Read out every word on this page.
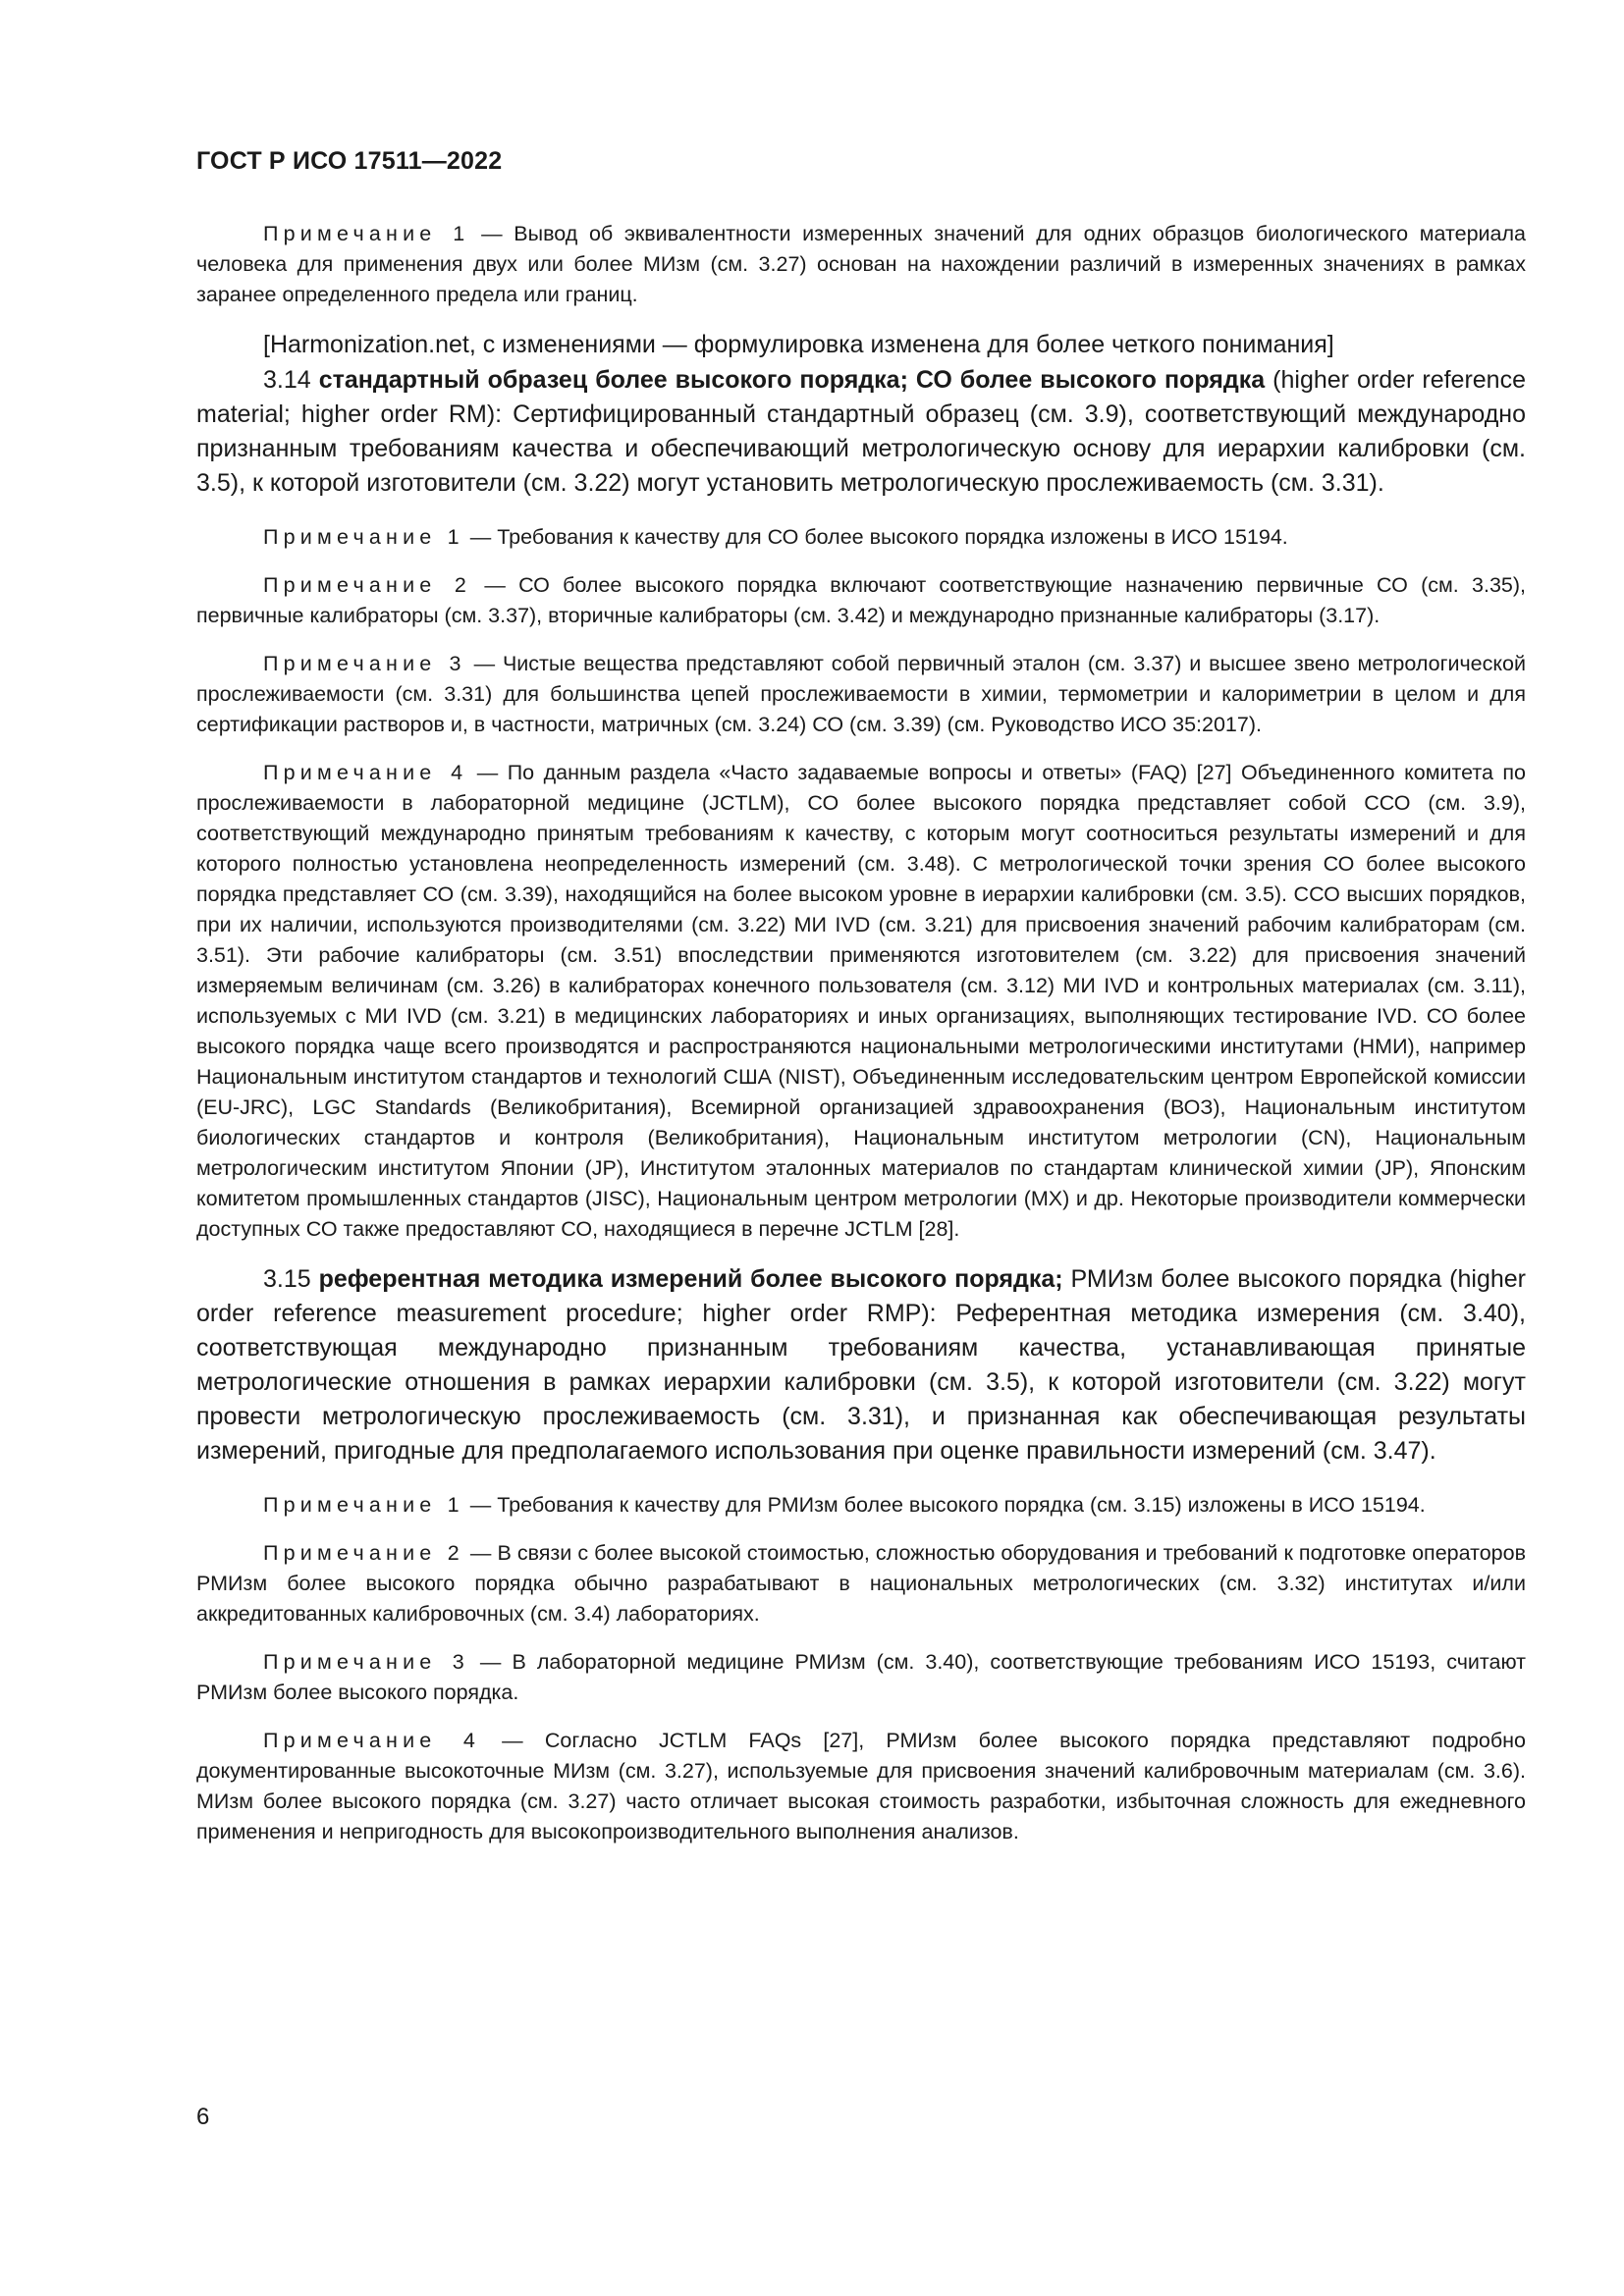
ГОСТ Р ИСО 17511—2022

Примечание 1 — Вывод об эквивалентности измеренных значений для одних образцов биологического материала человека для применения двух или более МИзм (см. 3.27) основан на нахождении различий в измеренных значениях в рамках заранее определенного предела или границ.

[Harmonization.net, с изменениями — формулировка изменена для более четкого понимания]

3.14 стандартный образец более высокого порядка; СО более высокого порядка (higher order reference material; higher order RM): Сертифицированный стандартный образец (см. 3.9), соответствующий международно признанным требованиям качества и обеспечивающий метрологическую основу для иерархии калибровки (см. 3.5), к которой изготовители (см. 3.22) могут установить метрологическую прослеживаемость (см. 3.31).

Примечание 1 — Требования к качеству для СО более высокого порядка изложены в ИСО 15194.

Примечание 2 — СО более высокого порядка включают соответствующие назначению первичные СО (см. 3.35), первичные калибраторы (см. 3.37), вторичные калибраторы (см. 3.42) и международно признанные калибраторы (3.17).

Примечание 3 — Чистые вещества представляют собой первичный эталон (см. 3.37) и высшее звено метрологической прослеживаемости (см. 3.31) для большинства цепей прослеживаемости в химии, термометрии и калориметрии в целом и для сертификации растворов и, в частности, матричных (см. 3.24) СО (см. 3.39) (см. Руководство ИСО 35:2017).

Примечание 4 — По данным раздела «Часто задаваемые вопросы и ответы» (FAQ) [27] Объединенного комитета по прослеживаемости в лабораторной медицине (JCTLM), СО более высокого порядка представляет собой ССО (см. 3.9), соответствующий международно принятым требованиям к качеству, с которым могут соотноситься результаты измерений и для которого полностью установлена неопределенность измерений (см. 3.48). С метрологической точки зрения СО более высокого порядка представляет СО (см. 3.39), находящийся на более высоком уровне в иерархии калибровки (см. 3.5). ССО высших порядков, при их наличии, используются производителями (см. 3.22) МИ IVD (см. 3.21) для присвоения значений рабочим калибраторам (см. 3.51). Эти рабочие калибраторы (см. 3.51) впоследствии применяются изготовителем (см. 3.22) для присвоения значений измеряемым величинам (см. 3.26) в калибраторах конечного пользователя (см. 3.12) МИ IVD и контрольных материалах (см. 3.11), используемых с МИ IVD (см. 3.21) в медицинских лабораториях и иных организациях, выполняющих тестирование IVD. СО более высокого порядка чаще всего производятся и распространяются национальными метрологическими институтами (НМИ), например Национальным институтом стандартов и технологий США (NIST), Объединенным исследовательским центром Европейской комиссии (EU-JRC), LGC Standards (Великобритания), Всемирной организацией здравоохранения (ВОЗ), Национальным институтом биологических стандартов и контроля (Великобритания), Национальным институтом метрологии (CN), Национальным метрологическим институтом Японии (JP), Институтом эталонных материалов по стандартам клинической химии (JP), Японским комитетом промышленных стандартов (JISC), Национальным центром метрологии (MX) и др. Некоторые производители коммерчески доступных СО также предоставляют СО, находящиеся в перечне JCTLM [28].

3.15 референтная методика измерений более высокого порядка; РМИзм более высокого порядка (higher order reference measurement procedure; higher order RMP): Референтная методика измерения (см. 3.40), соответствующая международно признанным требованиям качества, устанавливающая принятые метрологические отношения в рамках иерархии калибровки (см. 3.5), к которой изготовители (см. 3.22) могут провести метрологическую прослеживаемость (см. 3.31), и признанная как обеспечивающая результаты измерений, пригодные для предполагаемого использования при оценке правильности измерений (см. 3.47).

Примечание 1 — Требования к качеству для РМИзм более высокого порядка (см. 3.15) изложены в ИСО 15194.

Примечание 2 — В связи с более высокой стоимостью, сложностью оборудования и требований к подготовке операторов РМИзм более высокого порядка обычно разрабатывают в национальных метрологических (см. 3.32) институтах и/или аккредитованных калибровочных (см. 3.4) лабораториях.

Примечание 3 — В лабораторной медицине РМИзм (см. 3.40), соответствующие требованиям ИСО 15193, считают РМИзм более высокого порядка.

Примечание 4 — Согласно JCTLM FAQs [27], РМИзм более высокого порядка представляют подробно документированные высокоточные МИзм (см. 3.27), используемые для присвоения значений калибровочным материалам (см. 3.6). МИзм более высокого порядка (см. 3.27) часто отличает высокая стоимость разработки, избыточная сложность для ежедневного применения и непригодность для высокопроизводительного выполнения анализов.

6
